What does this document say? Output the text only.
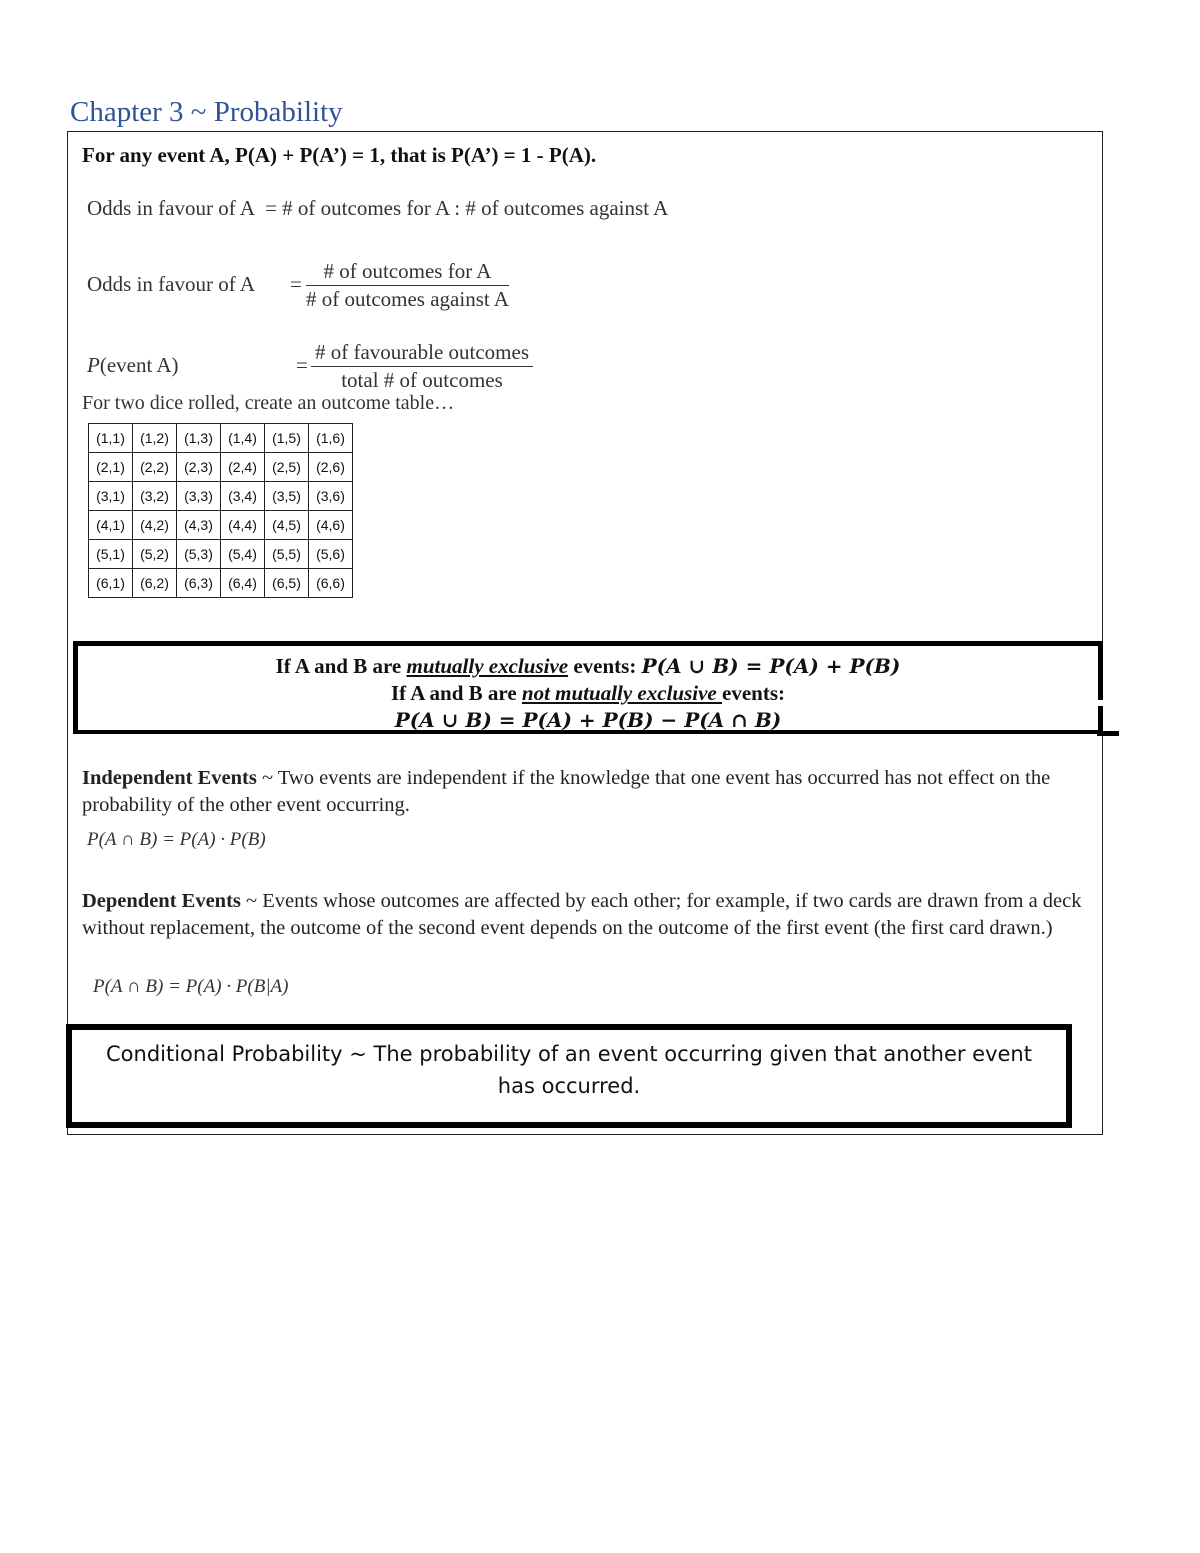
Chapter 3 ~ Probability
For any event A, P(A) + P(A’) = 1, that is P(A’) = 1 - P(A).
Odds in favour of A = # of outcomes for A : # of outcomes against A
Odds in favour of A =
# of outcomes for A
# of outcomes against A
P(event A)	=
# of favourable outcomes
total # of outcomes
For two dice rolled, create an outcome table…
(1,1)	(1,2)	(1,3)	(1,4)	(1,5)	(1,6)
(2,1)	(2,2)	(2,3)	(2,4)	(2,5)	(2,6)
(3,1)	(3,2)	(3,3)	(3,4)	(3,5)	(3,6)
(4,1)	(4,2)	(4,3)	(4,4)	(4,5)	(4,6)
(5,1)	(5,2)	(5,3)	(5,4)	(5,5)	(5,6)
(6,1)	(6,2)	(6,3)	(6,4)	(6,5)	(6,6)
If A and B are mutually exclusive events: P(A ∪ B) = P(A) + P(B)
If A and B are not mutually exclusive events:
P(A ∪ B) = P(A) + P(B) − P(A ∩ B)
Independent Events ~ Two events are independent if the knowledge that one event has occurred has not effect on the probability of the other event occurring.
P(A ∩ B) = P(A) · P(B)
Dependent Events ~ Events whose outcomes are affected by each other; for example, if two cards are drawn from a deck without replacement, the outcome of the second event depends on the outcome of the first event (the first card drawn.)
P(A ∩ B) = P(A) · P(B|A)
Conditional Probability ~ The probability of an event occurring given that another event has occurred.
